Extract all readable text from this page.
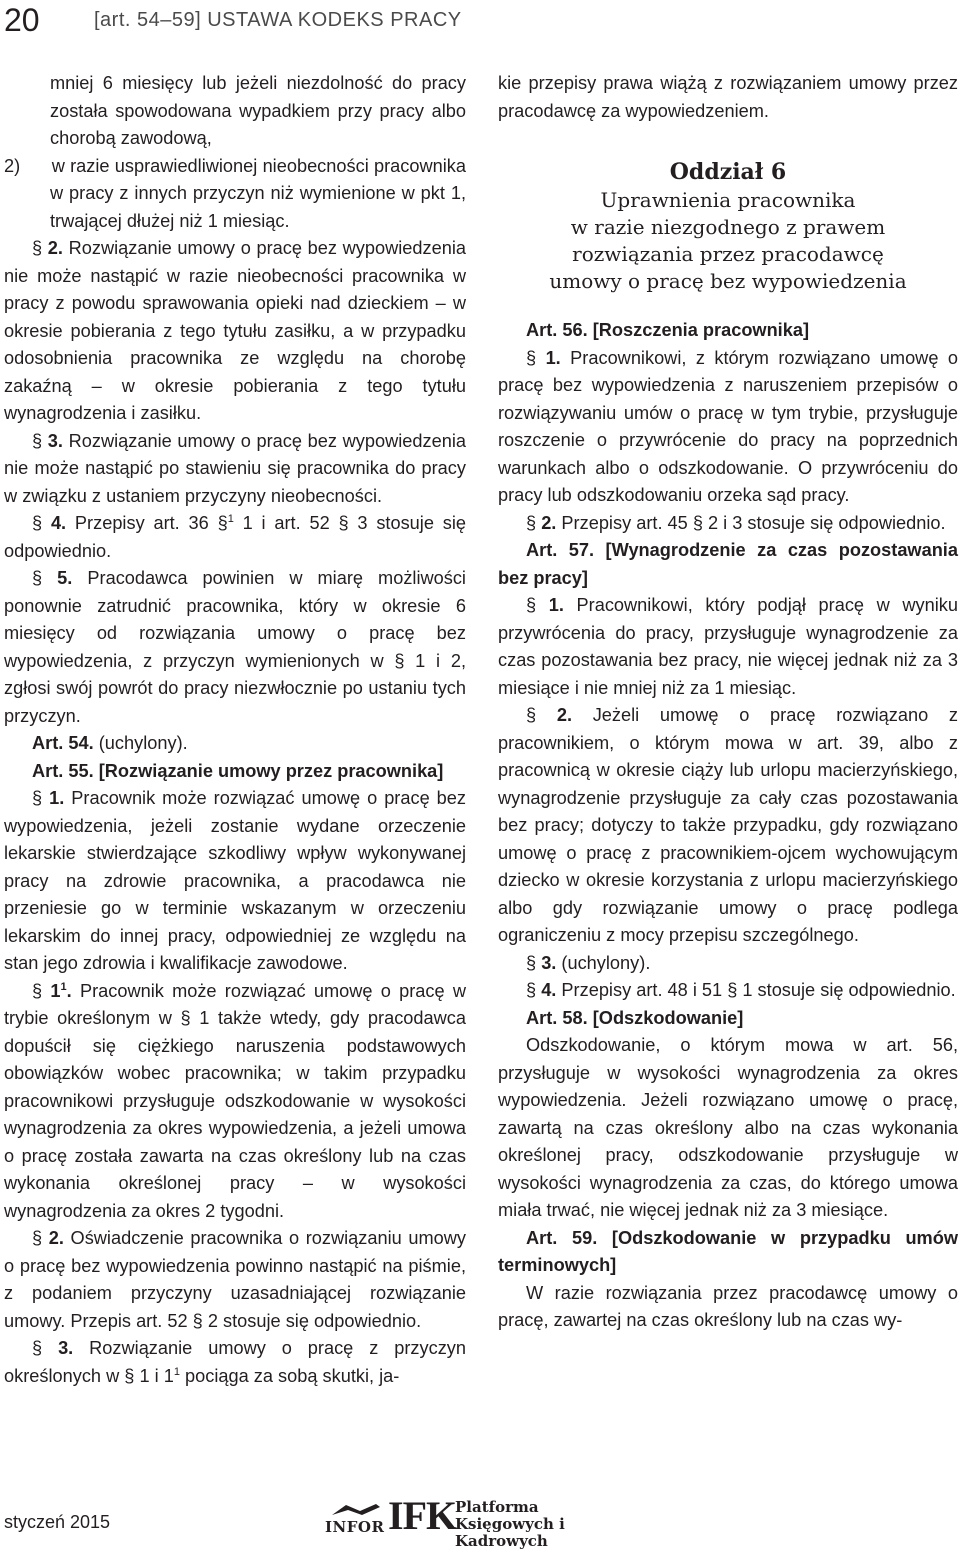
20	[art. 54–59] USTAWA KODEKS PRACY

mniej 6 miesięcy lub jeżeli niezdolność do pracy została spowodowana wypadkiem przy pracy albo chorobą zawodową,

2) w razie usprawiedliwionej nieobecności pracownika w pracy z innych przyczyn niż wymienione w pkt 1, trwającej dłużej niż 1 miesiąc.

§ 2. Rozwiązanie umowy o pracę bez wypowiedzenia nie może nastąpić w razie nieobecności pracownika w pracy z powodu sprawowania opieki nad dzieckiem – w okresie pobierania z tego tytułu zasiłku, a w przypadku odosobnienia pracownika ze względu na chorobę zakaźną – w okresie pobierania z tego tytułu wynagrodzenia i zasiłku.

§ 3. Rozwiązanie umowy o pracę bez wypowiedzenia nie może nastąpić po stawieniu się pracownika do pracy w związku z ustaniem przyczyny nieobecności.

§ 4. Przepisy art. 36 §$^1$ 1 i art. 52 § 3 stosuje się odpowiednio.

§ 5. Pracodawca powinien w miarę możliwości ponownie zatrudnić pracownika, który w okresie 6 miesięcy od rozwiązania umowy o pracę bez wypowiedzenia, z przyczyn wymienionych w § 1 i 2, zgłosi swój powrót do pracy niezwłocznie po ustaniu tych przyczyn.

Art. 54. (uchylony).

Art. 55. [Rozwiązanie umowy przez pracownika]

§ 1. Pracownik może rozwiązać umowę o pracę bez wypowiedzenia, jeżeli zostanie wydane orzeczenie lekarskie stwierdzające szkodliwy wpływ wykonywanej pracy na zdrowie pracownika, a pracodawca nie przeniesie go w terminie wskazanym w orzeczeniu lekarskim do innej pracy, odpowiedniej ze względu na stan jego zdrowia i kwalifikacje zawodowe.

§ $1^1$. Pracownik może rozwiązać umowę o pracę w trybie określonym w § 1 także wtedy, gdy pracodawca dopuścił się ciężkiego naruszenia podstawowych obowiązków wobec pracownika; w takim przypadku pracownikowi przysługuje odszkodowanie w wysokości wynagrodzenia za okres wypowiedzenia, a jeżeli umowa o pracę została zawarta na czas określony lub na czas wykonania określonej pracy – w wysokości wynagrodzenia za okres 2 tygodni.

§ 2. Oświadczenie pracownika o rozwiązaniu umowy o pracę bez wypowiedzenia powinno nastąpić na piśmie, z podaniem przyczyny uzasadniającej rozwiązanie umowy. Przepis art. 52 § 2 stosuje się odpowiednio.

§ 3. Rozwiązanie umowy o pracę z przyczyn określonych w § 1 i $1^1$ pociąga za sobą skutki, ja-

kie przepisy prawa wiążą z rozwiązaniem umowy przez pracodawcę za wypowiedzeniem.

Oddział 6
Uprawnienia pracownika
w razie niezgodnego z prawem
rozwiązania przez pracodawcę
umowy o pracę bez wypowiedzenia

Art. 56. [Roszczenia pracownika]

§ 1. Pracownikowi, z którym rozwiązano umowę o pracę bez wypowiedzenia z naruszeniem przepisów o rozwiązywaniu umów o pracę w tym trybie, przysługuje roszczenie o przywrócenie do pracy na poprzednich warunkach albo o odszkodowanie. O przywróceniu do pracy lub odszkodowaniu orzeka sąd pracy.

§ 2. Przepisy art. 45 § 2 i 3 stosuje się odpowiednio.

Art. 57. [Wynagrodzenie za czas pozostawania bez pracy]

§ 1. Pracownikowi, który podjął pracę w wyniku przywrócenia do pracy, przysługuje wynagrodzenie za czas pozostawania bez pracy, nie więcej jednak niż za 3 miesiące i nie mniej niż za 1 miesiąc.

§ 2. Jeżeli umowę o pracę rozwiązano z pracownikiem, o którym mowa w art. 39, albo z pracownicą w okresie ciąży lub urlopu macierzyńskiego, wynagrodzenie przysługuje za cały czas pozostawania bez pracy; dotyczy to także przypadku, gdy rozwiązano umowę o pracę z pracownikiem-ojcem wychowującym dziecko w okresie korzystania z urlopu macierzyńskiego albo gdy rozwiązanie umowy o pracę podlega ograniczeniu z mocy przepisu szczególnego.

§ 3. (uchylony).

§ 4. Przepisy art. 48 i 51 § 1 stosuje się odpowiednio.

Art. 58. [Odszkodowanie]

Odszkodowanie, o którym mowa w art. 56, przysługuje w wysokości wynagrodzenia za okres wypowiedzenia. Jeżeli rozwiązano umowę o pracę, zawartą na czas określony albo na czas wykonania określonej pracy, odszkodowanie przysługuje w wysokości wynagrodzenia za czas, do którego umowa miała trwać, nie więcej jednak niż za 3 miesiące.

Art. 59. [Odszkodowanie w przypadku umów terminowych]

W razie rozwiązania przez pracodawcę umowy o pracę, zawartej na czas określony lub na czas wy-

styczeń 2015	INFOR IFK
Platforma
Księgowych i Kadrowych
